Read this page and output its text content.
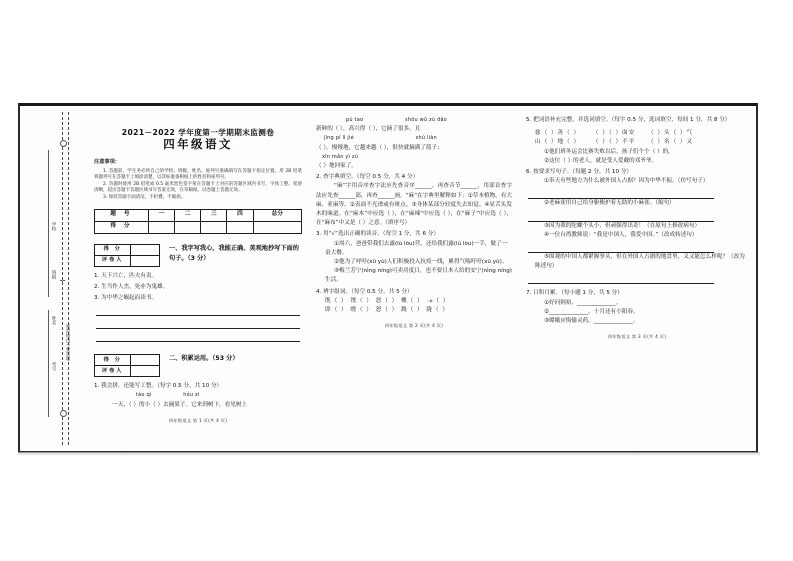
✛
学校
班级
姓名
考号
密封线内不要答题
2021－2022 学年度第一学期期末监测卷
四年级语文
注意事项：
1. 答题前，学生务必将自己的学校、班级、姓名、座列号准确填写在答题卡指定位置。用 2B 铅笔将题列号在答题卡上填涂清楚，以其标准备相纸上的姓名和座列号。
2. 答题时使用 2B 铅笔或 0.5 毫米黑色签字笔在答题卡上对应的答题区域内书写，字体工整、笔迹清晰，超出答题卡答题区域书写答案无效，在草稿纸、试卷题上答题无效。
3. 保持答题卡面清洁，不折叠，不破损。
题 号	一	二	三	四	总分
得 分					
得 分	
评卷人	
一、我字写我心，我能正确、美观地抄写下面的句子。（3 分）
1. 天下兴亡，匹夫有责。
2. 生当作人杰，死亦为鬼雄。
3. 为中华之崛起而读书。
得 分	
评卷人	
二、积累运用。（53 分）
1. 我会拼，还能写工整。（每字 0.5 分，共 10 分）
táo qì	hóu zi
一天，（ ）的小（ ）去摘果子。它来到树下，看见树上
四年级语文 第 1 页(共 4 页)
pú tao	shǒu wǔ zú dǎo
新鲜的（ ），高兴得（ ），它摘了很多。且
jīng pí lì jié	shú liàn
（ ）。慢慢地，它越来越（ ），很快就摘满了篮子；
xīn mǎn yì zú
（ ）地回家了。
2. 查字典填空。（每空 0.5 分，共 4 分）
“麻”字用音序查字法应先查音序______，再查音节______，用部首查字法应先查______部，再查______画。“麻”在字典里解释如下：①草本植物，有大麻、亚麻等。②表面不光滑或有斑点。③身体某部分轻度失去知觉。④显舌头发木的味道。在“麻木”中应选（ ），在“麻辣”中应选（ ），在“麻子”中应选（ ），在“麻布”中又是（ ）之意。（填序号）
3. 用“√”选出正确的读音。（每空 1 分，共 6 分）
①周六，爸爸带我们去露(lù lòu)营，还给我们露(lù lòu)一手，做了一桌大餐。
②他为了呼吁(xū yù)人们积极投入抗疫一线，累得气喘吁吁(xū yù)。
③梅兰芳宁(nìng níng)可卖房度日，也不要日本人给的安宁(nìng níng)生活。
4. 辨字组词。（每空 0.5 分，共 5 分）
既（ ） 饶（ ） 怒（ ） 概（ ） ం（ ）
即（ ） 晓（ ） 恕（ ） 溉（ ） 陇（ ）
四年级语文 第 2 页(共 4 页)
5. 把词语补充完整，并选词填空。（每字 0.5 分，选词填空，每间 1 分，共 8 分）
慈（ ）善（ ） （ ）（ ）面安 （ ）头（ ）气
山（ ）地（ ） （ ）（ ）不平 （ ）名（ ）又
①他们班冬运会比赛失败以后，孩子们个个（ ）的。
②这位（ ）的老人，就是受人爱戴的邓爷爷。
6. 按要求写句子。（每题 2 分，共 10 分）
①奉天有些地方为什么被外国人占据？因为中华不振。（仿写句子）
②老麻雀用自己给身躯掩护着无助的小麻雀。（缩句）
③因为我的陀螺个头小，但顽强得出奇！（在原句上修改病句）
④一位台湾教师说：“我是中国人，我爱中国。”（改成转述句）
⑤围观的中国人都紧握拳头，但在外国人占据的地盘里，又又能怎么样呢？（改为陈述句）
7. 日积月累。（每小题 1 分，共 5 分）
①好问则裕，______________。
②______________，十月还有小阳春。
③嫦娥应悔偷灵药，______________。
四年级语文 第 3 页(共 4 页)
